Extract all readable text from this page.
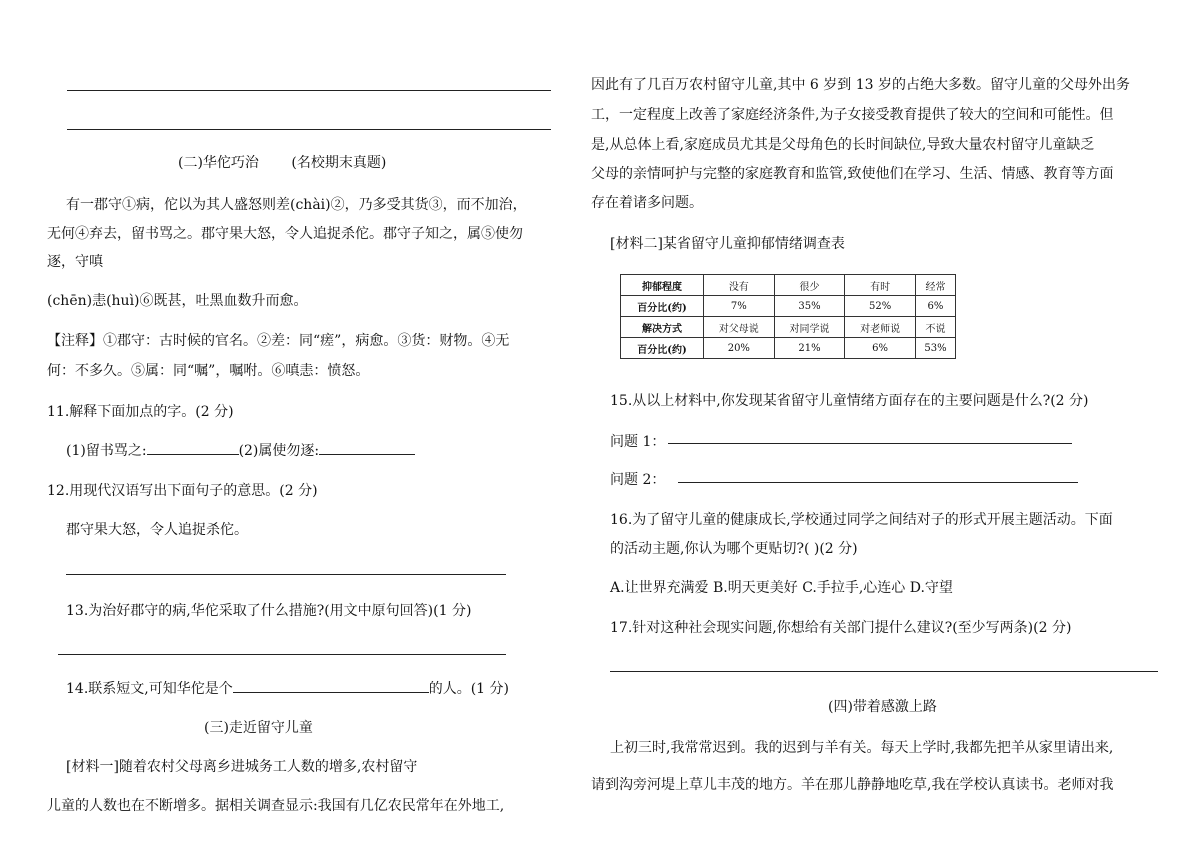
(二)华佗巧治 (名校期末真题)
有一郡守①病，佗以为其人盛怒则差(chài)②，乃多受其货③，而不加治，
无何④弃去，留书骂之。郡守果大怒，令人追捉杀佗。郡守子知之，属⑤使勿
逐，守嗔
(chēn)恚(huì)⑥既甚，吐黑血数升而愈。
【注释】①郡守：古时候的官名。②差：同“瘥”，病愈。③货：财物。④无
何：不多久。⑤属：同“嘱”，嘱咐。⑥嗔恚：愤怒。
11.解释下面加点的字。(2 分)
(1)留书骂之:	(2)属使勿逐:
12.用现代汉语写出下面句子的意思。(2 分)
郡守果大怒，令人追捉杀佗。
13.为治好郡守的病,华佗采取了什么措施?(用文中原句回答)(1 分)
14.联系短文,可知华佗是个	的人。(1 分)
(三)走近留守儿童
[材料一]随着农村父母离乡进城务工人数的增多,农村留守
儿童的人数也在不断增多。据相关调查显示:我国有几亿农民常年在外地工,
因此有了几百万农村留守儿童,其中 6 岁到 13 岁的占绝大多数。留守儿童的父母外出务
工，一定程度上改善了家庭经济条件,为子女接受教育提供了较大的空间和可能性。但
是,从总体上看,家庭成员尤其是父母角色的长时间缺位,导致大量农村留守儿童缺乏
父母的亲情呵护与完整的家庭教育和监管,致使他们在学习、生活、情感、教育等方面
存在着诸多问题。
[材料二]某省留守儿童抑郁情绪调查表
抑郁程度	没有	很少	有时	经常
百分比(约)	7%	35%	52%	6%
解决方式	对父母说	对同学说	对老师说	不说
百分比(约)	20%	21%	6%	53%
15.从以上材料中,你发现某省留守儿童情绪方面存在的主要问题是什么?(2 分)
问题 1：
问题 2：
16.为了留守儿童的健康成长,学校通过同学之间结对子的形式开展主题活动。下面
的活动主题,你认为哪个更贴切?( )(2 分)
A.让世界充满爱 B.明天更美好 C.手拉手,心连心 D.守望
17.针对这种社会现实问题,你想给有关部门提什么建议?(至少写两条)(2 分)
(四)带着感激上路
上初三时,我常常迟到。我的迟到与羊有关。每天上学时,我都先把羊从家里请出来,
请到沟旁河堤上草儿丰茂的地方。羊在那儿静静地吃草,我在学校认真读书。老师对我
